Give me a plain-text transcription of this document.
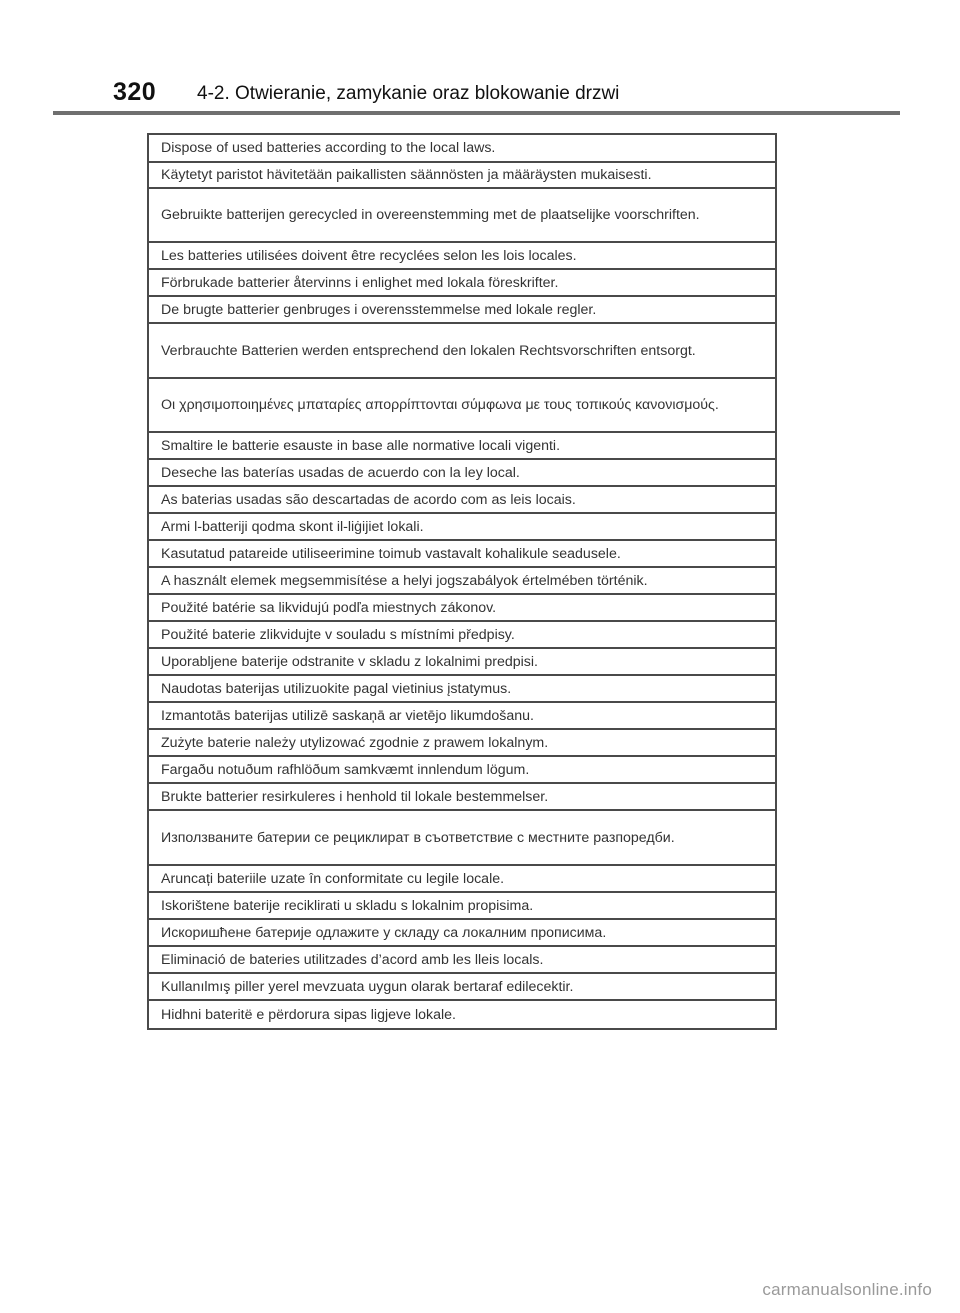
320 4-2. Otwieranie, zamykanie oraz blokowanie drzwi
Dispose of used batteries according to the local laws.
Käytetyt paristot hävitetään paikallisten säännösten ja määräysten mukaisesti.
Gebruikte batterijen gerecycled in overeenstemming met de plaatselijke voorschriften.
Les batteries utilisées doivent être recyclées selon les lois locales.
Förbrukade batterier återvinns i enlighet med lokala föreskrifter.
De brugte batterier genbruges i overensstemmelse med lokale regler.
Verbrauchte Batterien werden entsprechend den lokalen Rechtsvorschriften entsorgt.
Οι χρησιμοποιημένες μπαταρίες απορρίπτονται σύμφωνα με τους τοπικούς κανονισμούς.
Smaltire le batterie esauste in base alle normative locali vigenti.
Deseche las baterías usadas de acuerdo con la ley local.
As baterias usadas são descartadas de acordo com as leis locais.
Armi l-batteriji qodma skont il-liġijiet lokali.
Kasutatud patareide utiliseerimine toimub vastavalt kohalikule seadusele.
A használt elemek megsemmisítése a helyi jogszabályok értelmében történik.
Použité batérie sa likvidujú podľa miestnych zákonov.
Použité baterie zlikvidujte v souladu s místními předpisy.
Uporabljene baterije odstranite v skladu z lokalnimi predpisi.
Naudotas baterijas utilizuokite pagal vietinius įstatymus.
Izmantotās baterijas utilizē saskaņā ar vietējo likumdošanu.
Zużyte baterie należy utylizować zgodnie z prawem lokalnym.
Fargaðu notuðum rafhlöðum samkvæmt innlendum lögum.
Brukte batterier resirkuleres i henhold til lokale bestemmelser.
Използваните батерии се рециклират в съответствие с местните разпоредби.
Aruncați bateriile uzate în conformitate cu legile locale.
Iskorištene baterije reciklirati u skladu s lokalnim propisima.
Искоришћене батерије одлажите у складу са локалним прописима.
Eliminació de bateries utilitzades d’acord amb les lleis locals.
Kullanılmış piller yerel mevzuata uygun olarak bertaraf edilecektir.
Hidhni bateritë e përdorura sipas ligjeve lokale.
carmanualsonline.info
